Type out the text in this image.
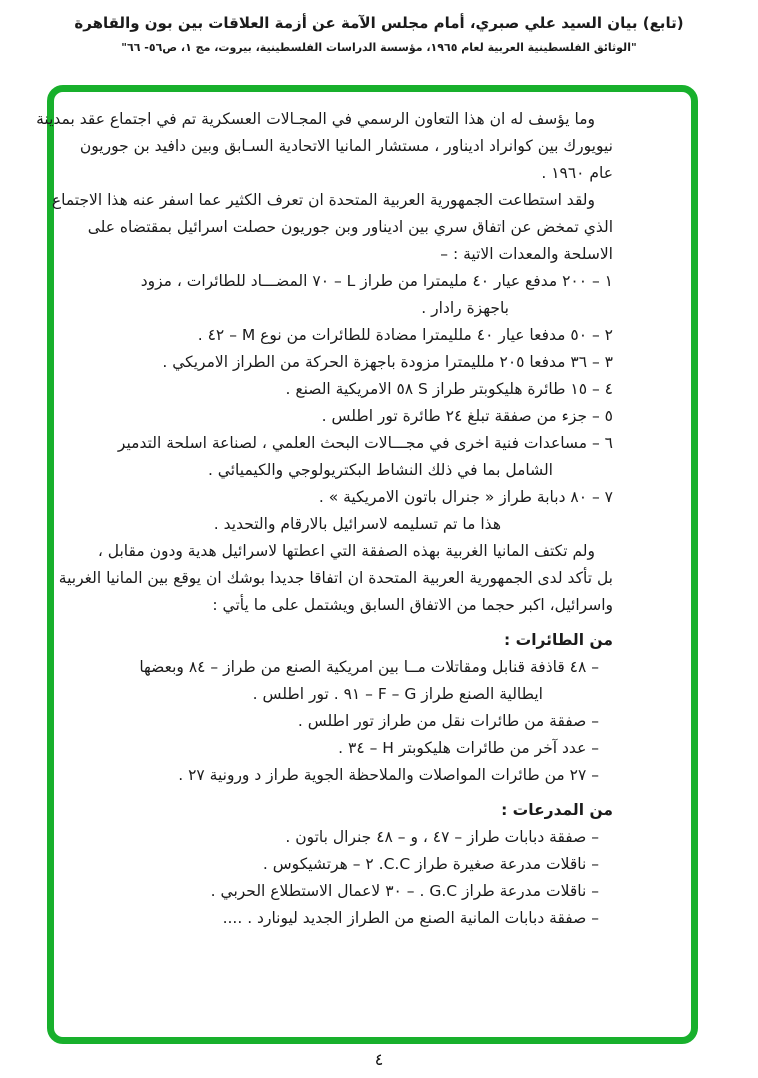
(تابع) بيان السيد علي صبري، أمام مجلس الآمة عن أزمة العلاقات بين بون والقاهرة
"الوثائق الفلسطينية العربية لعام ١٩٦٥، مؤسسة الدراسات الفلسطينية، بيروت، مج ١، ص٥٦- ٦٦"
وما يؤسف له ان هذا التعاون الرسمي في المجـالات العسكرية تم في اجتماع عقد بمدينة
نيويورك بين كوانراد اديناور ، مستشار المانيا الاتحادية السـابق وبين دافيد بن جوريون
عام ١٩٦٠ .
ولقد استطاعت الجمهورية العربية المتحدة ان تعرف الكثير عما اسفر عنه هذا الاجتماع
الذي تمخض عن اتفاق سري بين اديناور وبن جوريون حصلت اسرائيل بمقتضاه على
الاسلحة والمعدات الاتية : –
١ – ٢٠٠ مدفع عيار ٤٠ مليمترا من طراز L – ٧٠ المضـــاد للطائرات ، مزود
باجهزة رادار .
٢ – ٥٠ مدفعا عيار ٤٠ ملليمترا مضادة للطائرات من نوع M – ٤٢ .
٣ – ٣٦ مدفعا ٢٠٥ ملليمترا مزودة باجهزة الحركة من الطراز الامريكي .
٤ – ١٥ طائرة هليكوبتر طراز S ٥٨ الامريكية الصنع .
٥ – جزء من صفقة تبلغ ٢٤ طائرة تور اطلس .
٦ – مساعدات فنية اخرى في مجـــالات البحث العلمي ، لصناعة اسلحة التدمير
الشامل بما في ذلك النشاط البكتريولوجي والكيميائي .
٧ – ٨٠ دبابة طراز « جنرال باتون الامريكية » .
هذا ما تم تسليمه لاسرائيل بالارقام والتحديد .
ولم تكتف المانيا الغربية بهذه الصفقة التي اعطتها لاسرائيل هدية ودون مقابل ،
بل تأكد لدى الجمهورية العربية المتحدة ان اتفاقا جديدا بوشك ان يوقع بين المانيا الغربية
واسرائيل، اكبر حجما من الاتفاق السابق ويشتمل على ما يأتي :
من الطائرات :
– ٤٨ قاذفة قنابل ومقاتلات مــا بين امريكية الصنع من طراز – ٨٤ وبعضها
ايطالية الصنع طراز F – G – ٩١ . تور اطلس .
– صفقة من طائرات نقل من طراز تور اطلس .
– عدد آخر من طائرات هليكوبتر H – ٣٤ .
– ٢٧ من طائرات المواصلات والملاحظة الجوية طراز د ورونية ٢٧ .
من المدرعات :
– صفقة دبابات طراز – ٤٧ ، و – ٤٨ جنرال باتون .
– ناقلات مدرعة صغيرة طراز C.C. ٢ – هرتشيكوس .
– ناقلات مدرعة طراز G.C . – ٣٠ لاعمال الاستطلاع الحربي .
– صفقة دبابات المانية الصنع من الطراز الجديد ليونارد . ....
٤
